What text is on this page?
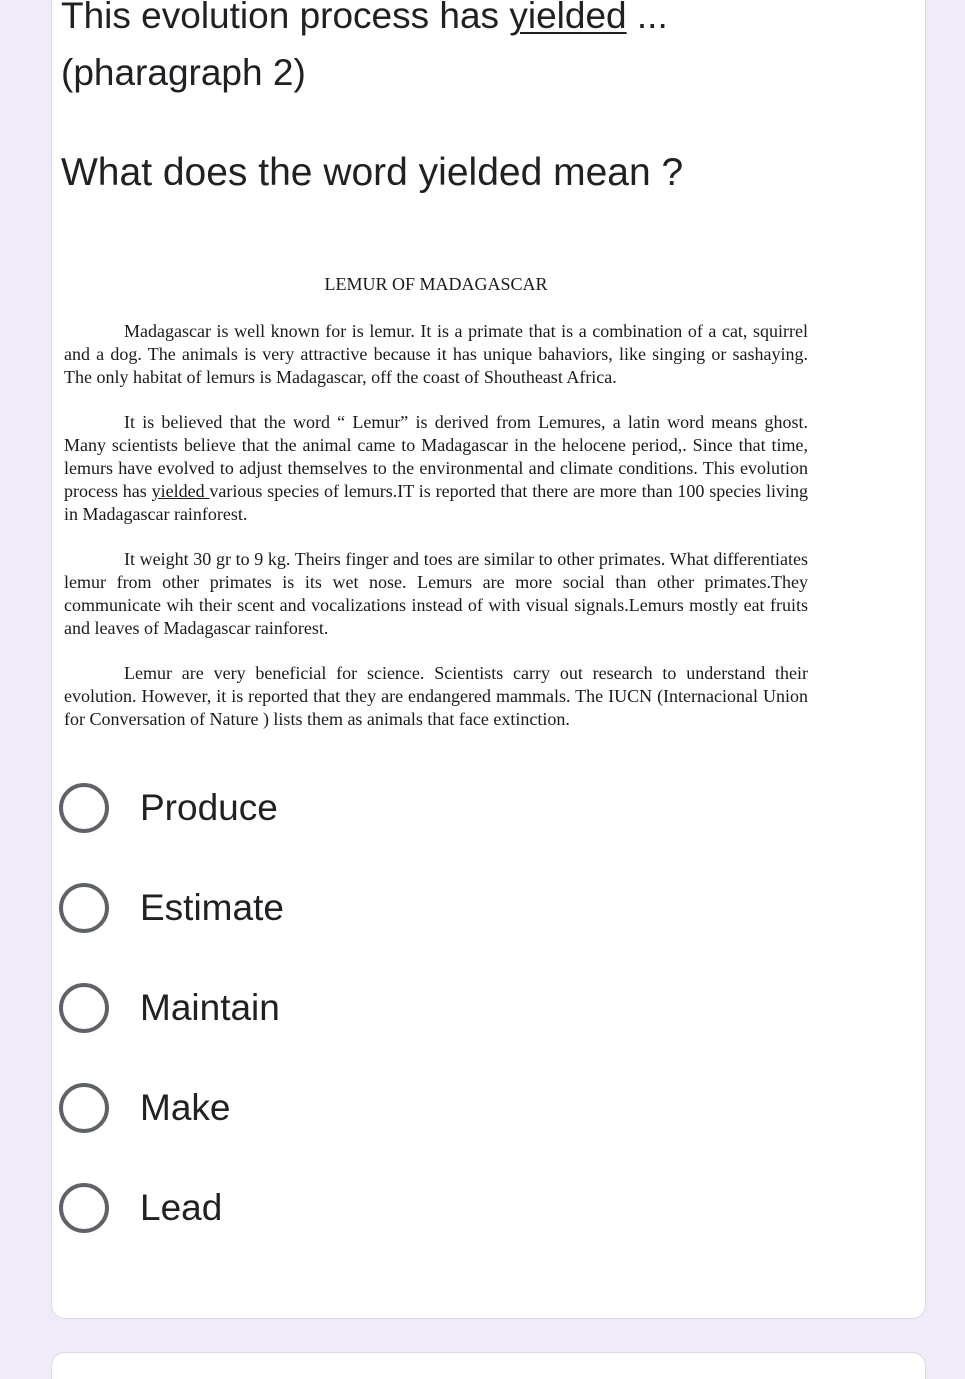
This evolution process has yielded ...
(pharagraph 2)
What does the word yielded mean ?
LEMUR OF MADAGASCAR

Madagascar is well known for is lemur. It is a primate that is a combination of a cat, squirrel and a dog. The animals is very attractive because it has unique bahaviors, like singing or sashaying. The only habitat of lemurs is Madagascar, off the coast of Shoutheast Africa.

It is believed that the word “ Lemur” is derived from Lemures, a latin word means ghost. Many scientists believe that the animal came to Madagascar in the helocene period,. Since that time, lemurs have evolved to adjust themselves to the environmental and climate conditions. This evolution process has yielded various species of lemurs.IT is reported that there are more than 100 species living in Madagascar rainforest.

It weight 30 gr to 9 kg. Theirs finger and toes are similar to other primates. What differentiates lemur from other primates is its wet nose. Lemurs are more social than other primates.They communicate wih their scent and vocalizations instead of with visual signals.Lemurs mostly eat fruits and leaves of Madagascar rainforest.

Lemur are very beneficial for science. Scientists carry out research to understand their evolution. However, it is reported that they are endangered mammals. The IUCN (Internacional Union for Conversation of Nature ) lists them as animals that face extinction.

Produce
Estimate
Maintain
Make
Lead
